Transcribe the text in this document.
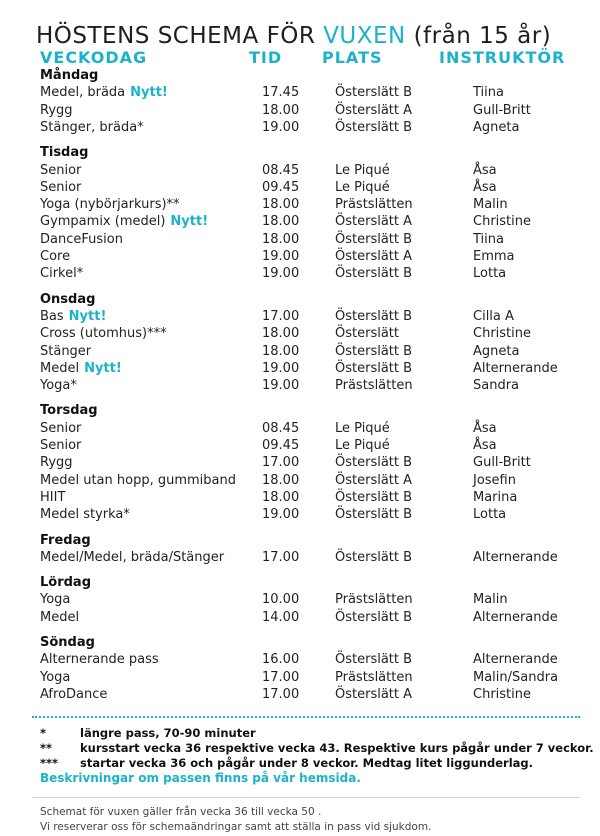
HÖSTENS SCHEMA FÖR VUXEN (från 15 år)
VECKODAG	TID PLATS	INSTRUKTÖR
Måndag
Medel, bräda Nytt!	17.45	Österslätt B	Tiina
Rygg	18.00	Österslätt A	Gull-Britt
Stänger, bräda*	19.00	Österslätt B	Agneta
Tisdag
Senior	08.45	Le Piqué	Åsa
Senior	09.45	Le Piqué	Åsa
Yoga (nybörjarkurs)**	18.00	Prästslätten	Malin
Gympamix (medel) Nytt!	18.00	Österslätt A	Christine
DanceFusion	18.00	Österslätt B	Tiina
Core	19.00	Österslätt A	Emma
Cirkel*	19.00	Österslätt B	Lotta
Onsdag
Bas Nytt!	17.00	Österslätt B	Cilla A
Cross (utomhus)***	18.00	Österslätt	Christine
Stänger	18.00	Österslätt B	Agneta
Medel Nytt!	19.00	Österslätt B	Alternerande
Yoga*	19.00	Prästslätten	Sandra
Torsdag
Senior	08.45	Le Piqué	Åsa
Senior	09.45	Le Piqué	Åsa
Rygg	17.00	Österslätt B	Gull-Britt
Medel utan hopp, gummiband 18.00	Österslätt A	Josefin
HIIT	18.00	Österslätt B	Marina
Medel styrka*	19.00	Österslätt B	Lotta
Fredag
Medel/Medel, bräda/Stänger	17.00	Österslätt B	Alternerande
Lördag
Yoga	10.00	Prästslätten	Malin
Medel	14.00	Österslätt B	Alternerande
Söndag
Alternerande pass	16.00	Österslätt B	Alternerande
Yoga	17.00	Prästslätten	Malin/Sandra
AfroDance	17.00	Österslätt A	Christine
*	längre pass, 70-90 minuter
** kursstart vecka 36 respektive vecka 43. Respektive kurs pågår under 7 veckor.
*** startar vecka 36 och pågår under 8 veckor. Medtag litet liggunderlag.
Beskrivningar om passen finns på vår hemsida.
Schemat för vuxen gäller från vecka 36 till vecka 50 .
Vi reserverar oss för schemaändringar samt att ställa in pass vid sjukdom.
